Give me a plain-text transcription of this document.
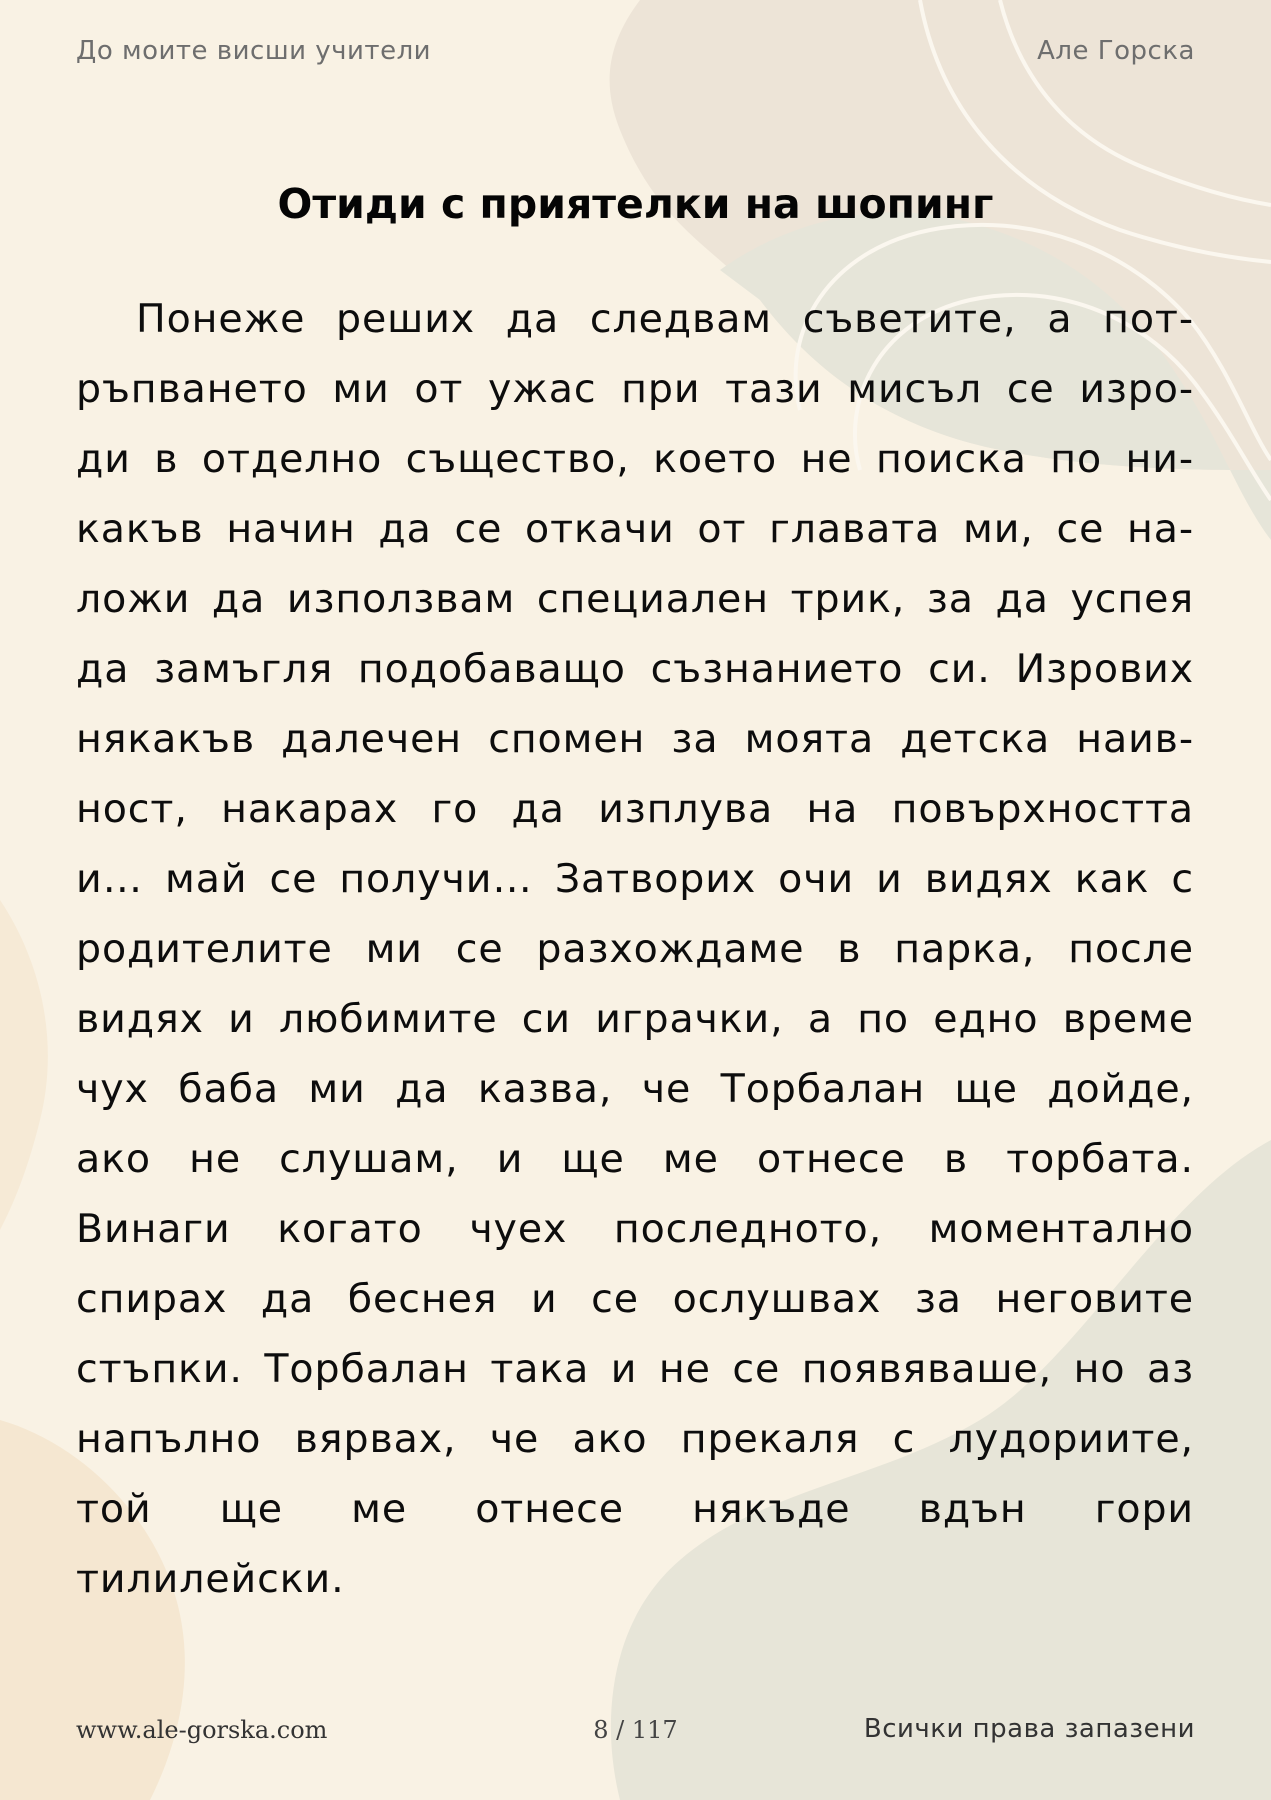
До моите висши учители	Але Горска
Отиди с приятелки на шопинг
Понеже реших да следвам съветите, а пот-
ръпването ми от ужас при тази мисъл се изро-
ди в отделно същество, което не поиска по ни-
какъв начин да се откачи от главата ми, се на-
ложи да използвам специален трик, за да успея
да замъгля подобаващо съзнанието си. Изрових
някакъв далечен спомен за моята детска наив-
ност, накарах го да изплува на повърхността
и… май се получи… Затворих очи и видях как с
родителите ми се разхождаме в парка, после
видях и любимите си играчки, а по едно време
чух баба ми да казва, че Торбалан ще дойде,
ако не слушам, и ще ме отнесе в торбата.
Винаги когато чуех последното, моментално
спирах да беснея и се ослушвах за неговите
стъпки. Торбалан така и не се появяваше, но аз
напълно вярвах, че ако прекаля с лудориите,
той ще ме отнесе някъде вдън гори
тилилейски.
www.ale-gorska.com	8 / 117	Всички права запазени
